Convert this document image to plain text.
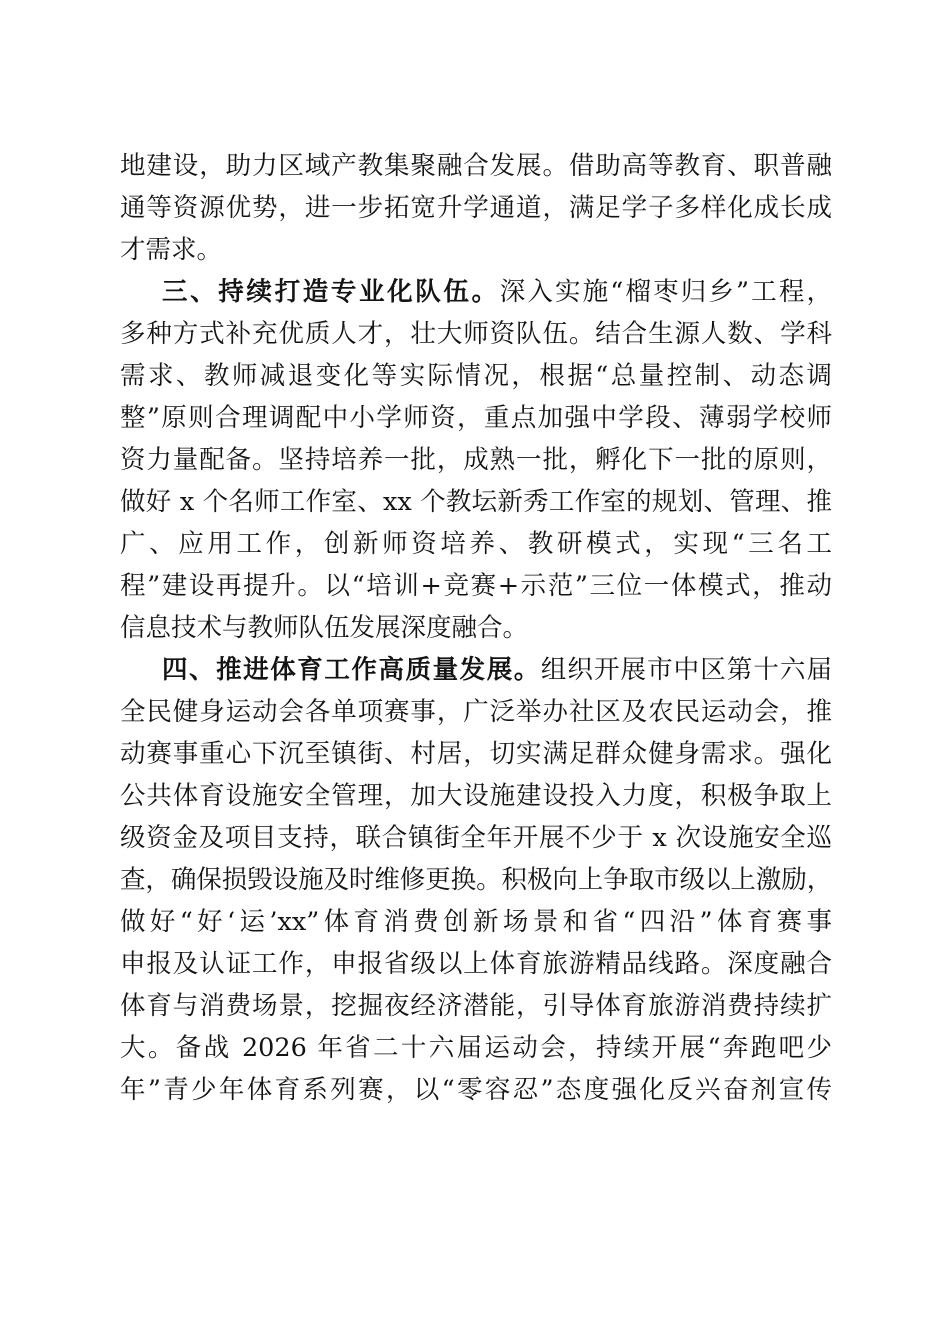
地建设，助力区域产教集聚融合发展。借助高等教育、职普融
通等资源优势，进一步拓宽升学通道，满足学子多样化成长成
才需求。
三、持续打造专业化队伍。深入实施“榴枣归乡”工程，
多种方式补充优质人才，壮大师资队伍。结合生源人数、学科
需求、教师减退变化等实际情况，根据“总量控制、动态调
整”原则合理调配中小学师资，重点加强中学段、薄弱学校师
资力量配备。坚持培养一批，成熟一批，孵化下一批的原则，
做好 x 个名师工作室、xx 个教坛新秀工作室的规划、管理、推
广、应用工作，创新师资培养、教研模式，实现“三名工
程”建设再提升。以“培训+竞赛+示范”三位一体模式，推动
信息技术与教师队伍发展深度融合。
四、推进体育工作高质量发展。组织开展市中区第十六届
全民健身运动会各单项赛事，广泛举办社区及农民运动会，推
动赛事重心下沉至镇街、村居，切实满足群众健身需求。强化
公共体育设施安全管理，加大设施建设投入力度，积极争取上
级资金及项目支持，联合镇街全年开展不少于 x 次设施安全巡
查，确保损毁设施及时维修更换。积极向上争取市级以上激励，
做好“好‘运’xx”体育消费创新场景和省“四沿”体育赛事
申报及认证工作，申报省级以上体育旅游精品线路。深度融合
体育与消费场景，挖掘夜经济潜能，引导体育旅游消费持续扩
大。备战 2026 年省二十六届运动会，持续开展“奔跑吧少
年”青少年体育系列赛，以“零容忍”态度强化反兴奋剂宣传
